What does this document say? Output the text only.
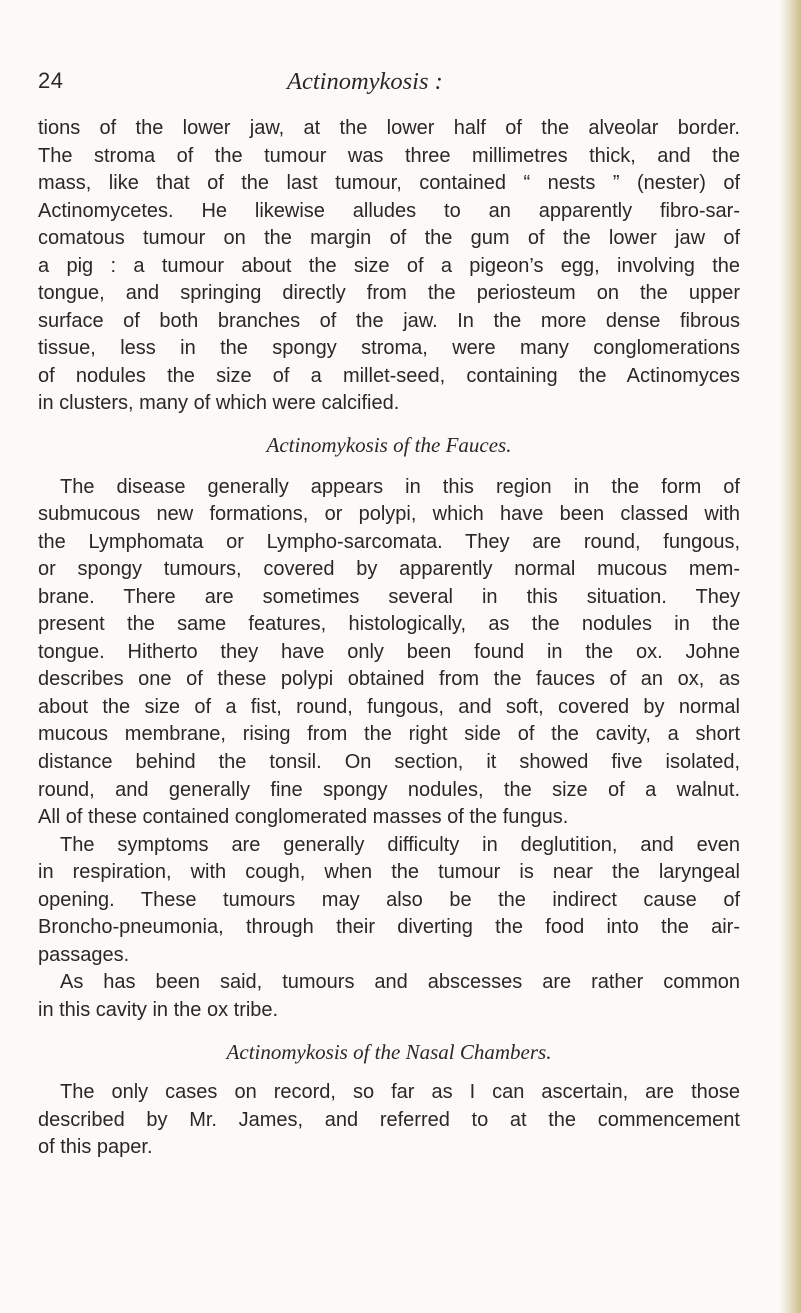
24	Actinomykosis :
tions of the lower jaw, at the lower half of the alveolar border.
The stroma of the tumour was three millimetres thick, and the
mass, like that of the last tumour, contained “ nests ” (nester) of
Actinomycetes. He likewise alludes to an apparently fibro-sar-
comatous tumour on the margin of the gum of the lower jaw of
a pig : a tumour about the size of a pigeon’s egg, involving the
tongue, and springing directly from the periosteum on the upper
surface of both branches of the jaw. In the more dense fibrous
tissue, less in the spongy stroma, were many conglomerations
of nodules the size of a millet-seed, containing the Actinomyces
in clusters, many of which were calcified.
Actinomykosis of the Fauces.
The disease generally appears in this region in the form of
submucous new formations, or polypi, which have been classed with
the Lymphomata or Lympho-sarcomata. They are round, fungous,
or spongy tumours, covered by apparently normal mucous mem-
brane. There are sometimes several in this situation. They
present the same features, histologically, as the nodules in the
tongue. Hitherto they have only been found in the ox. Johne
describes one of these polypi obtained from the fauces of an ox, as
about the size of a fist, round, fungous, and soft, covered by normal
mucous membrane, rising from the right side of the cavity, a short
distance behind the tonsil. On section, it showed five isolated,
round, and generally fine spongy nodules, the size of a walnut.
All of these contained conglomerated masses of the fungus.
The symptoms are generally difficulty in deglutition, and even
in respiration, with cough, when the tumour is near the laryngeal
opening. These tumours may also be the indirect cause of
Broncho-pneumonia, through their diverting the food into the air-
passages.
As has been said, tumours and abscesses are rather common
in this cavity in the ox tribe.
Actinomykosis of the Nasal Chambers.
The only cases on record, so far as I can ascertain, are those
described by Mr. James, and referred to at the commencement
of this paper.
